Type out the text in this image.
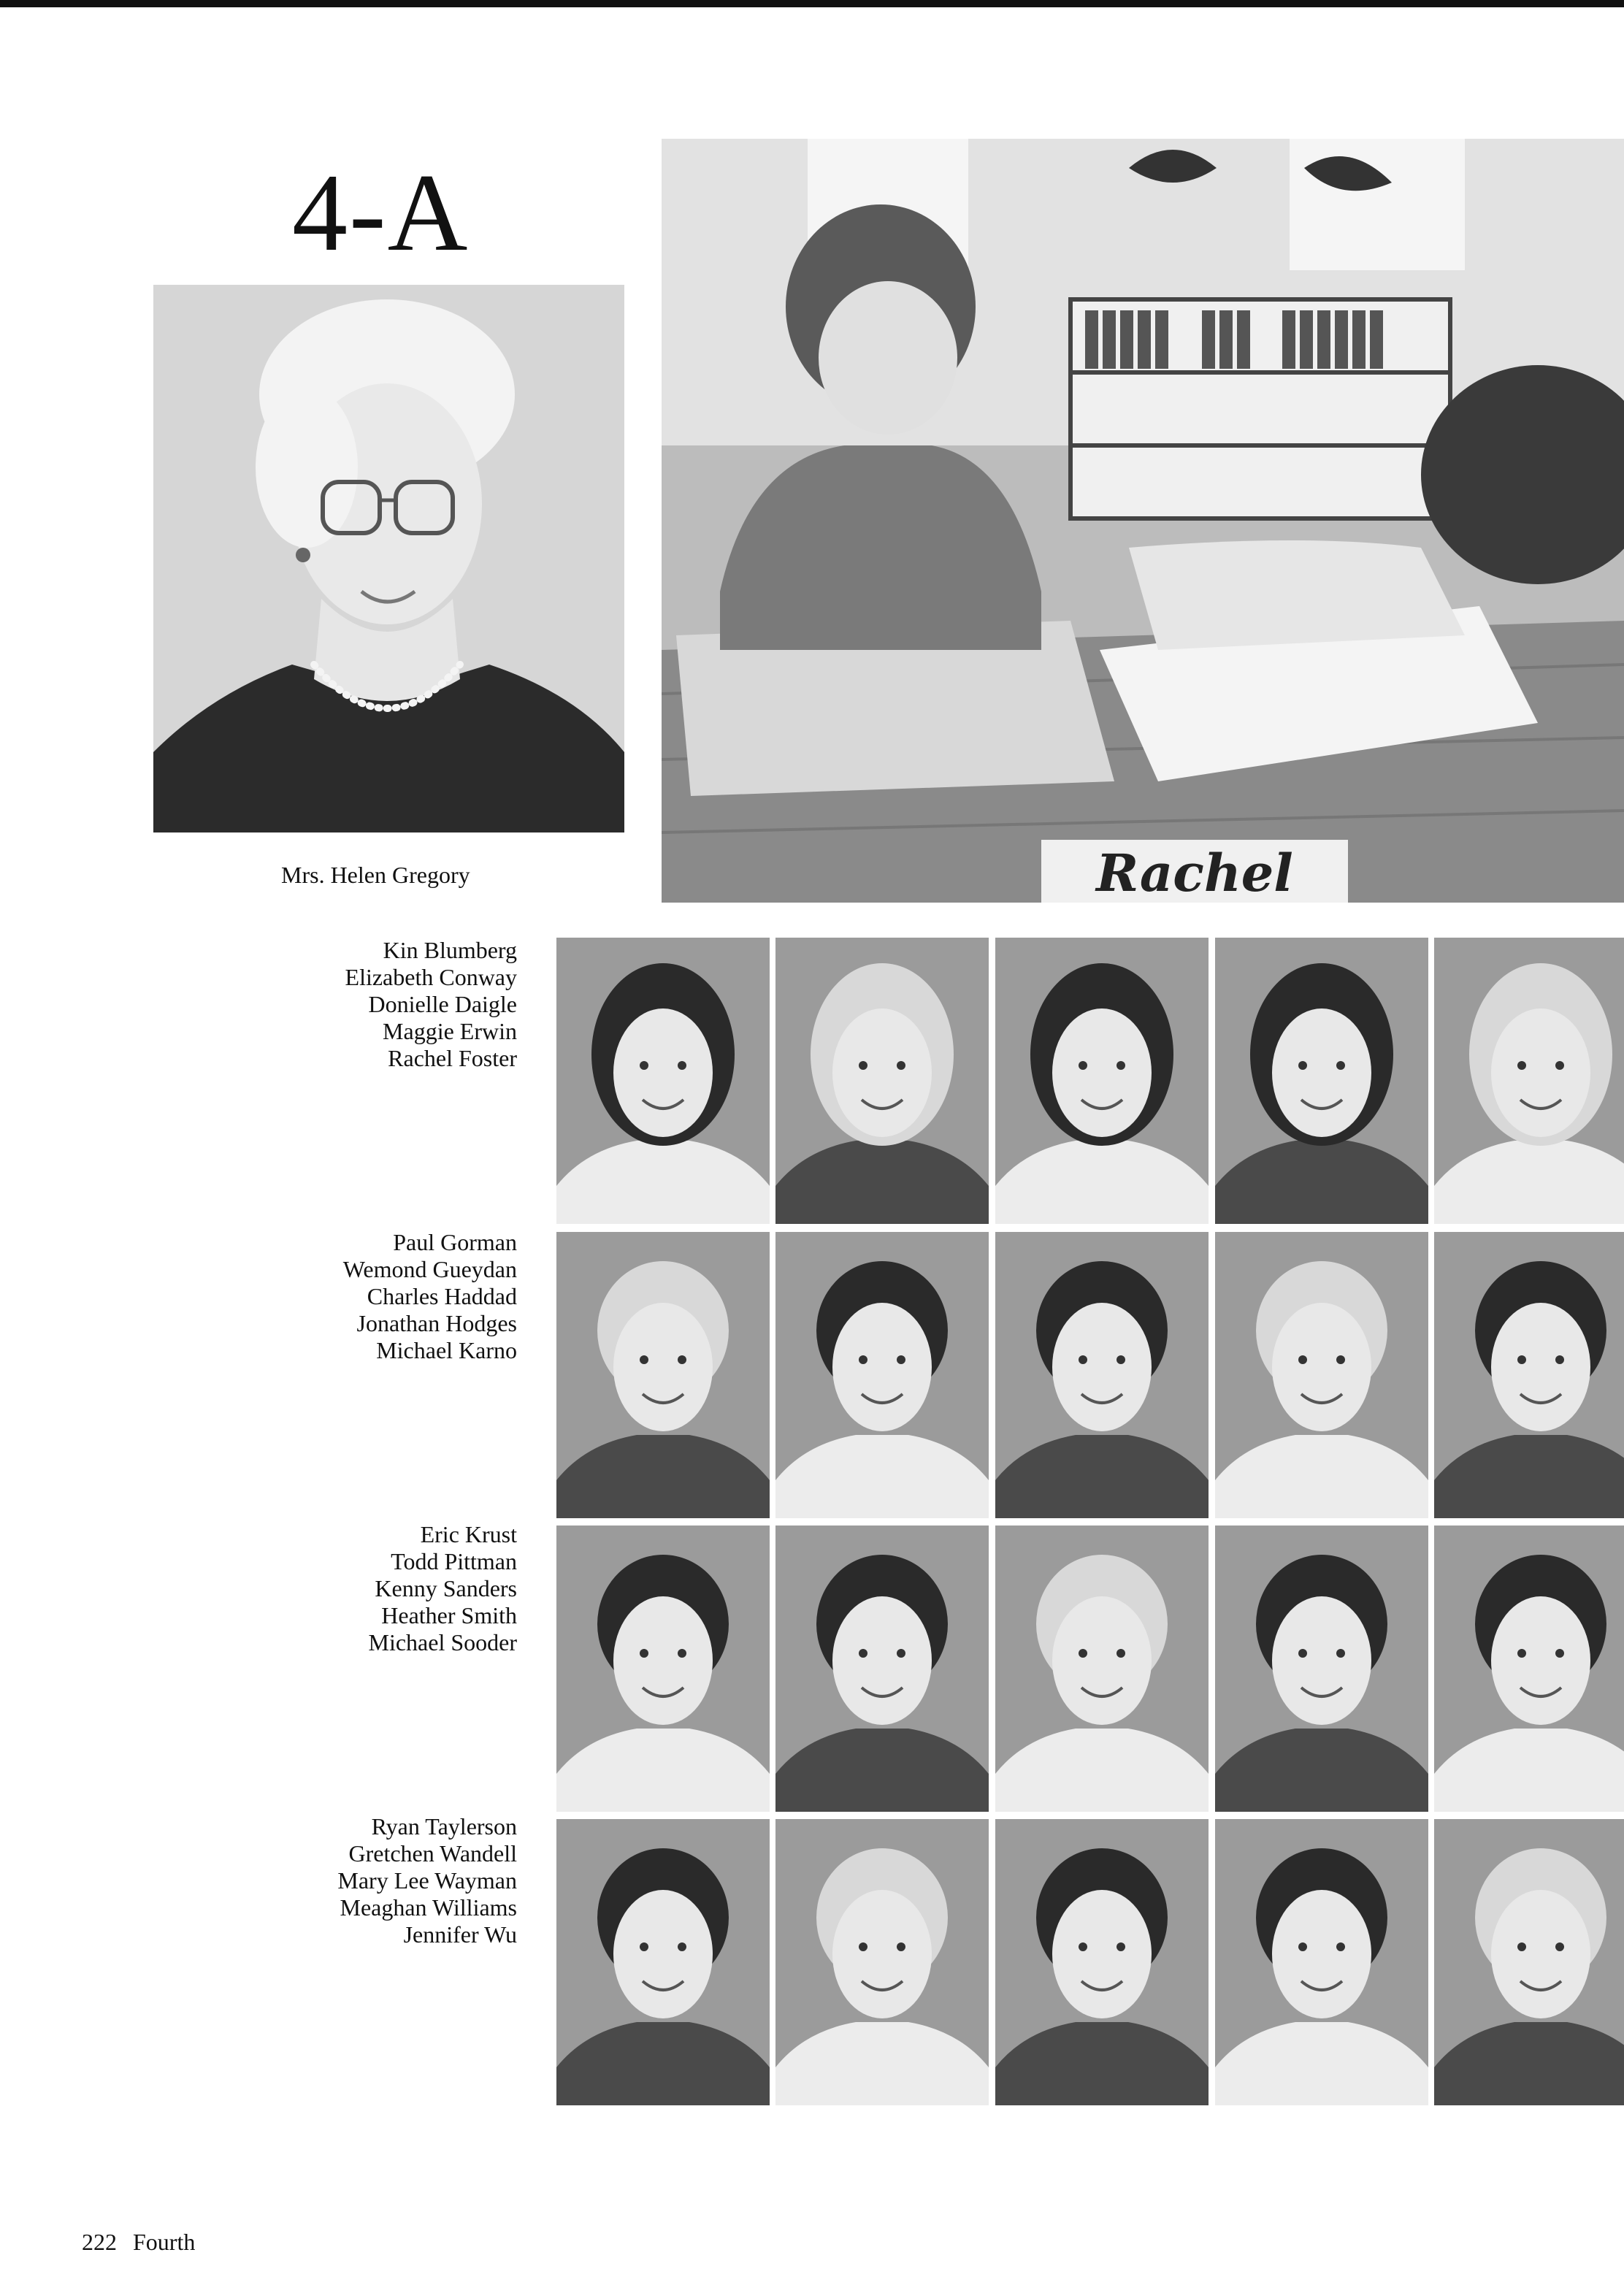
4-A
Mrs. Helen Gregory	Rachel
Kin Blumberg
Elizabeth Conway
Donielle Daigle
Maggie Erwin
Rachel Foster
Paul Gorman
Wemond Gueydan
Charles Haddad
Jonathan Hodges
Michael Karno
Eric Krust
Todd Pittman
Kenny Sanders
Heather Smith
Michael Sooder
Ryan Taylerson
Gretchen Wandell
Mary Lee Wayman
Meaghan Williams
Jennifer Wu
222 Fourth
